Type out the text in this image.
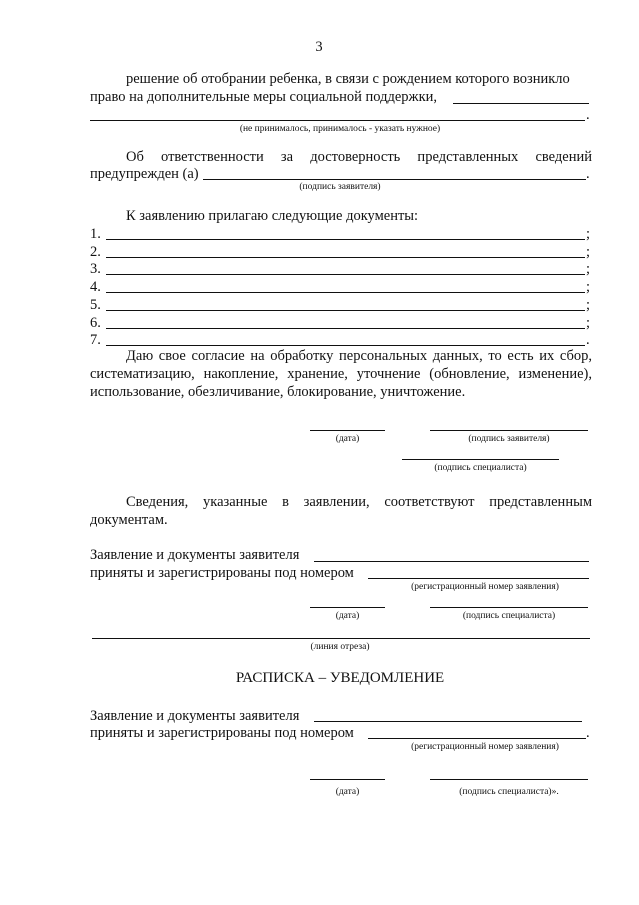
3
решение об отобрании ребенка, в связи с рождением которого возникло
право на дополнительные меры социальной поддержки,
.
(не принималось, принималось - указать нужное)
Об ответственности за достоверность представленных сведений
предупрежден (а)	.
(подпись заявителя)
К заявлению прилагаю следующие документы:
1.	;
2.	;
3.	;
4.	;
5.	;
6.	;
7.	.
Даю свое согласие на обработку персональных данных, то есть их сбор,
систематизацию, накопление, хранение, уточнение (обновление, изменение),
использование, обезличивание, блокирование, уничтожение.
(дата)	(подпись заявителя)
(подпись специалиста)
Сведения, указанные в заявлении, соответствуют представленным
документам.
Заявление и документы заявителя
приняты и зарегистрированы под номером
(регистрационный номер заявления)
(дата)	(подпись специалиста)
(линия отреза)
РАСПИСКА – УВЕДОМЛЕНИЕ
Заявление и документы заявителя
приняты и зарегистрированы под номером	.
(регистрационный номер заявления)
(дата)	(подпись специалиста)».
